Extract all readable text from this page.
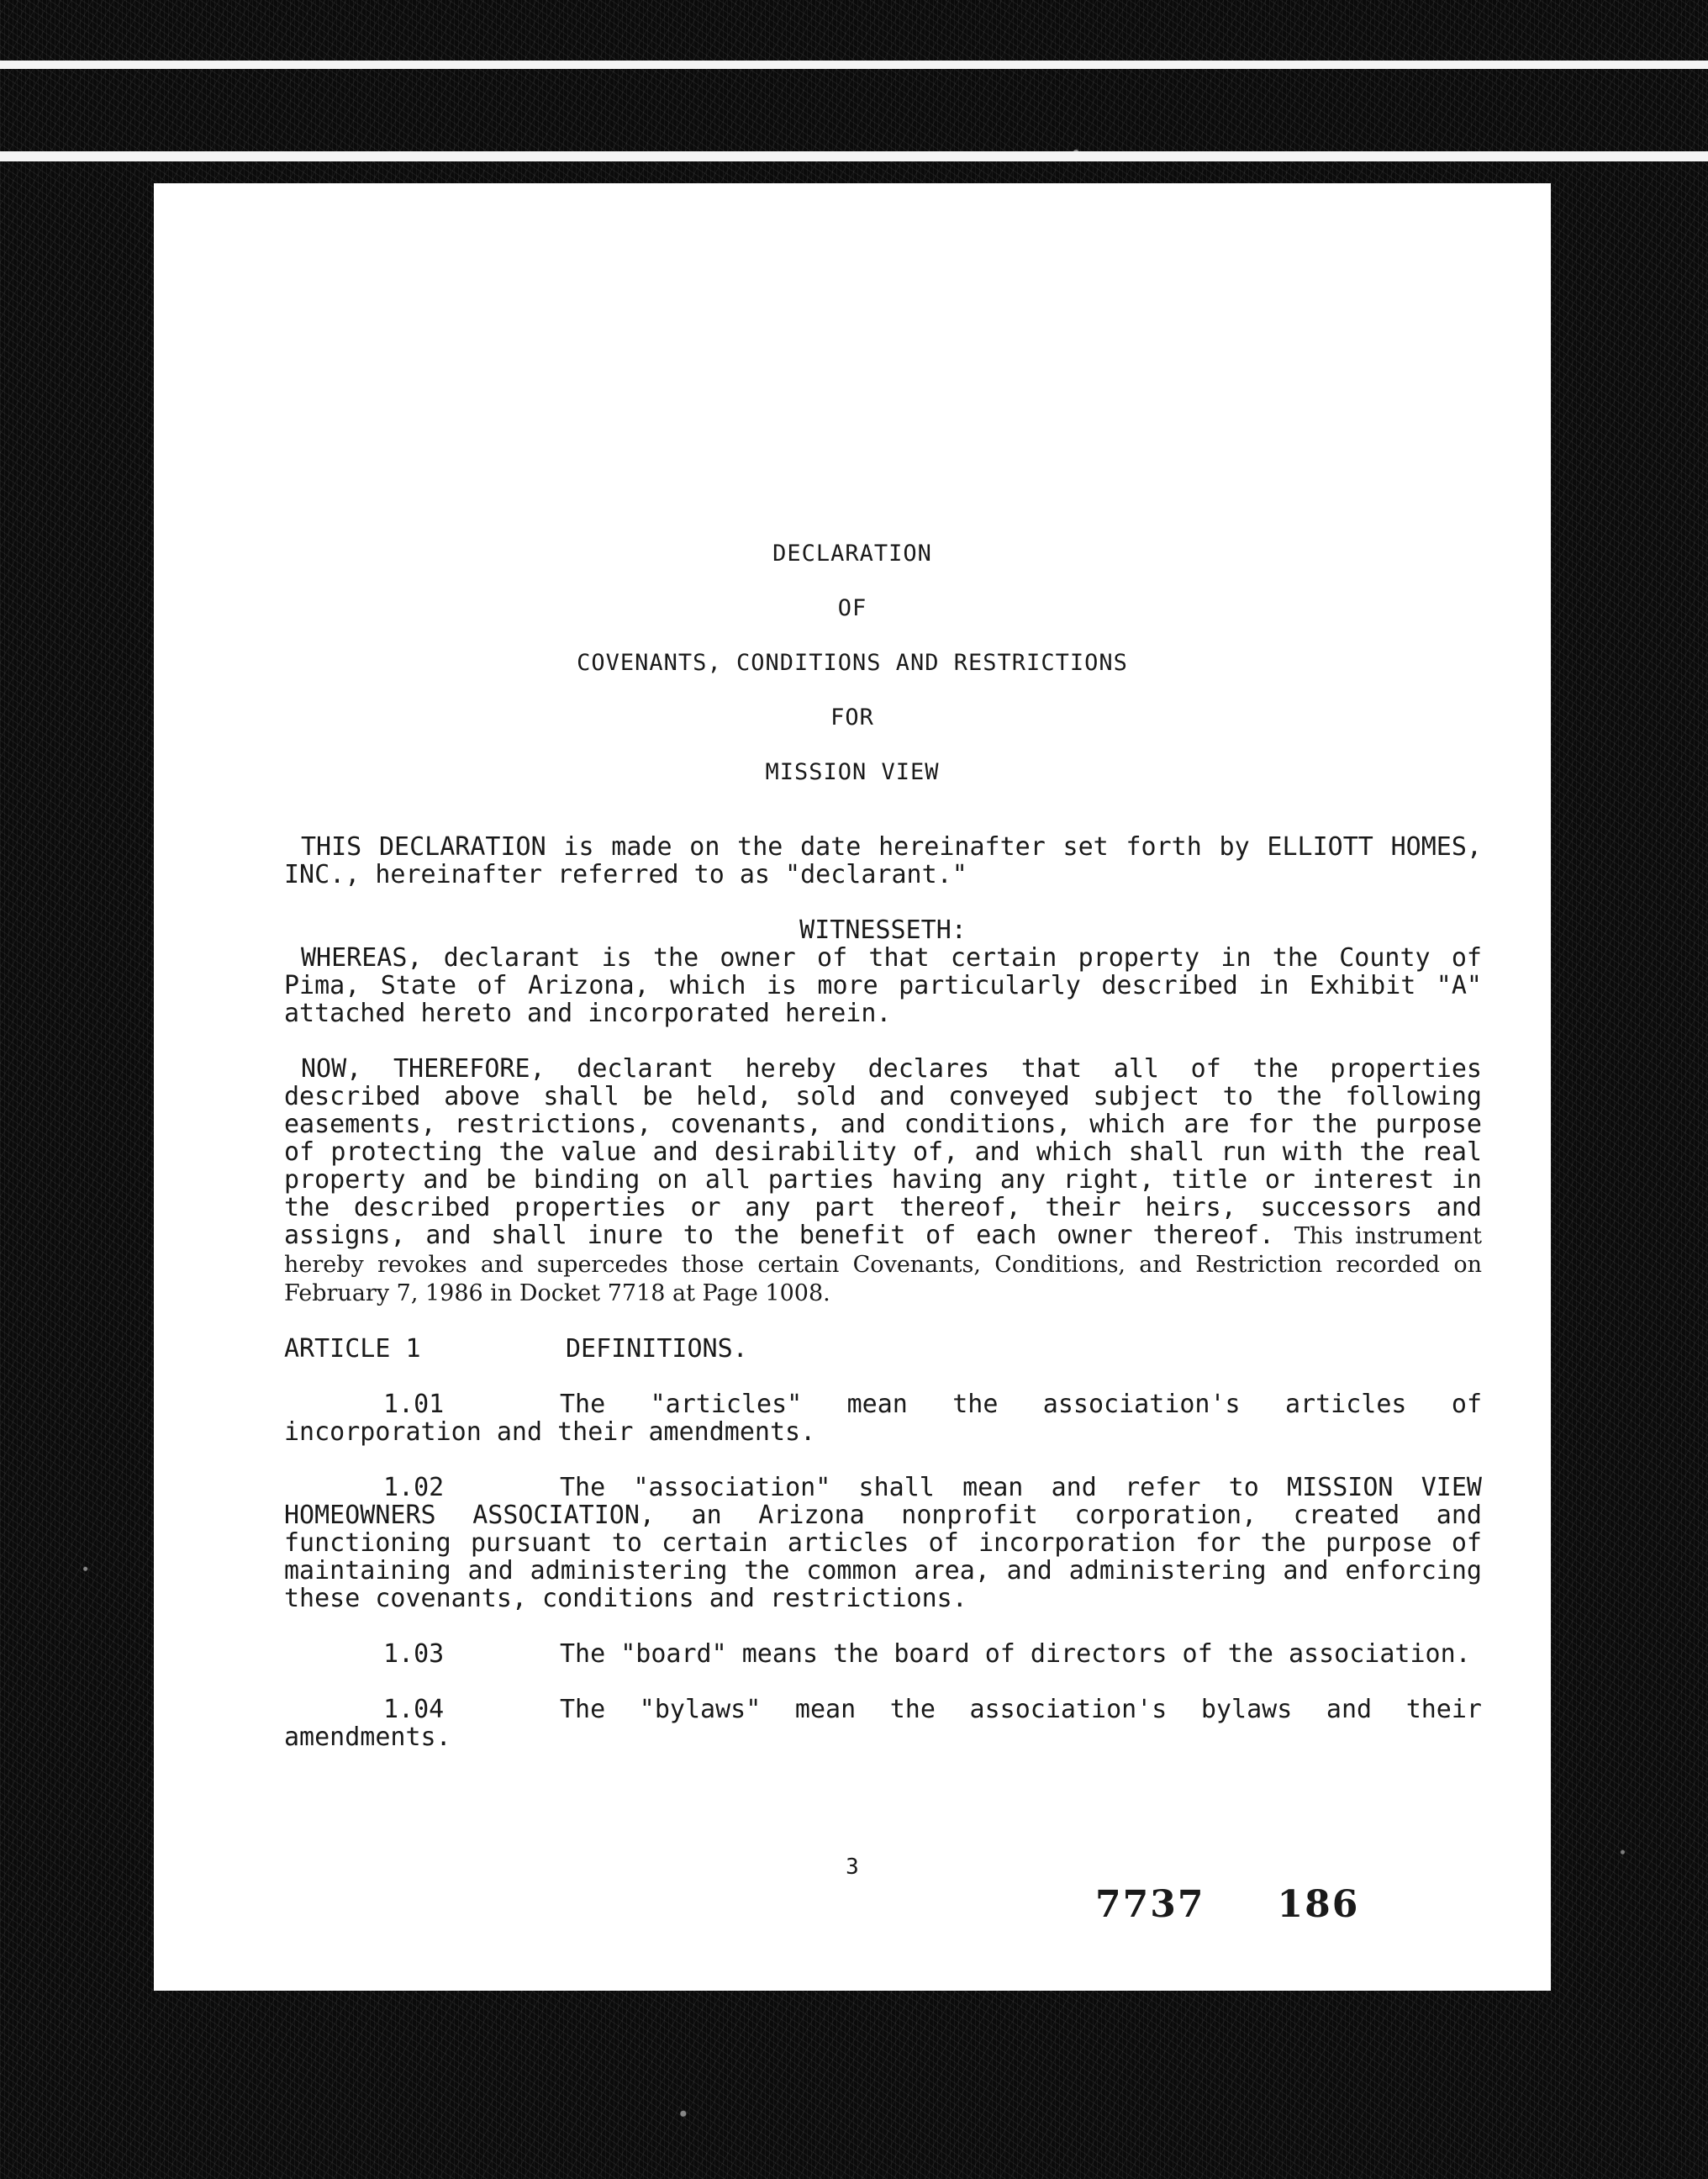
DECLARATION
OF
COVENANTS, CONDITIONS AND RESTRICTIONS
FOR
MISSION VIEW

THIS DECLARATION is made on the date hereinafter set forth by ELLIOTT HOMES, INC., hereinafter referred to as "declarant."

WITNESSETH:

WHEREAS, declarant is the owner of that certain property in the County of Pima, State of Arizona, which is more particularly described in Exhibit "A" attached hereto and incorporated herein.

NOW, THEREFORE, declarant hereby declares that all of the properties described above shall be held, sold and conveyed subject to the following easements, restrictions, covenants, and conditions, which are for the purpose of protecting the value and desirability of, and which shall run with the real property and be binding on all parties having any right, title or interest in the described properties or any part thereof, their heirs, successors and assigns, and shall inure to the benefit of each owner thereof. This instrument hereby revokes and supercedes those certain Covenants, Conditions, and Restriction recorded on February 7, 1986 in Docket 7718 at Page 1008.

ARTICLE 1	DEFINITIONS.

1.01	The "articles" mean the association's articles of incorporation and their amendments.

1.02	The "association" shall mean and refer to MISSION VIEW HOMEOWNERS ASSOCIATION, an Arizona nonprofit corporation, created and functioning pursuant to certain articles of incorporation for the purpose of maintaining and administering the common area, and administering and enforcing these covenants, conditions and restrictions.

1.03	The "board" means the board of directors of the association.

1.04	The "bylaws" mean the association's bylaws and their amendments.

3
7737 186
